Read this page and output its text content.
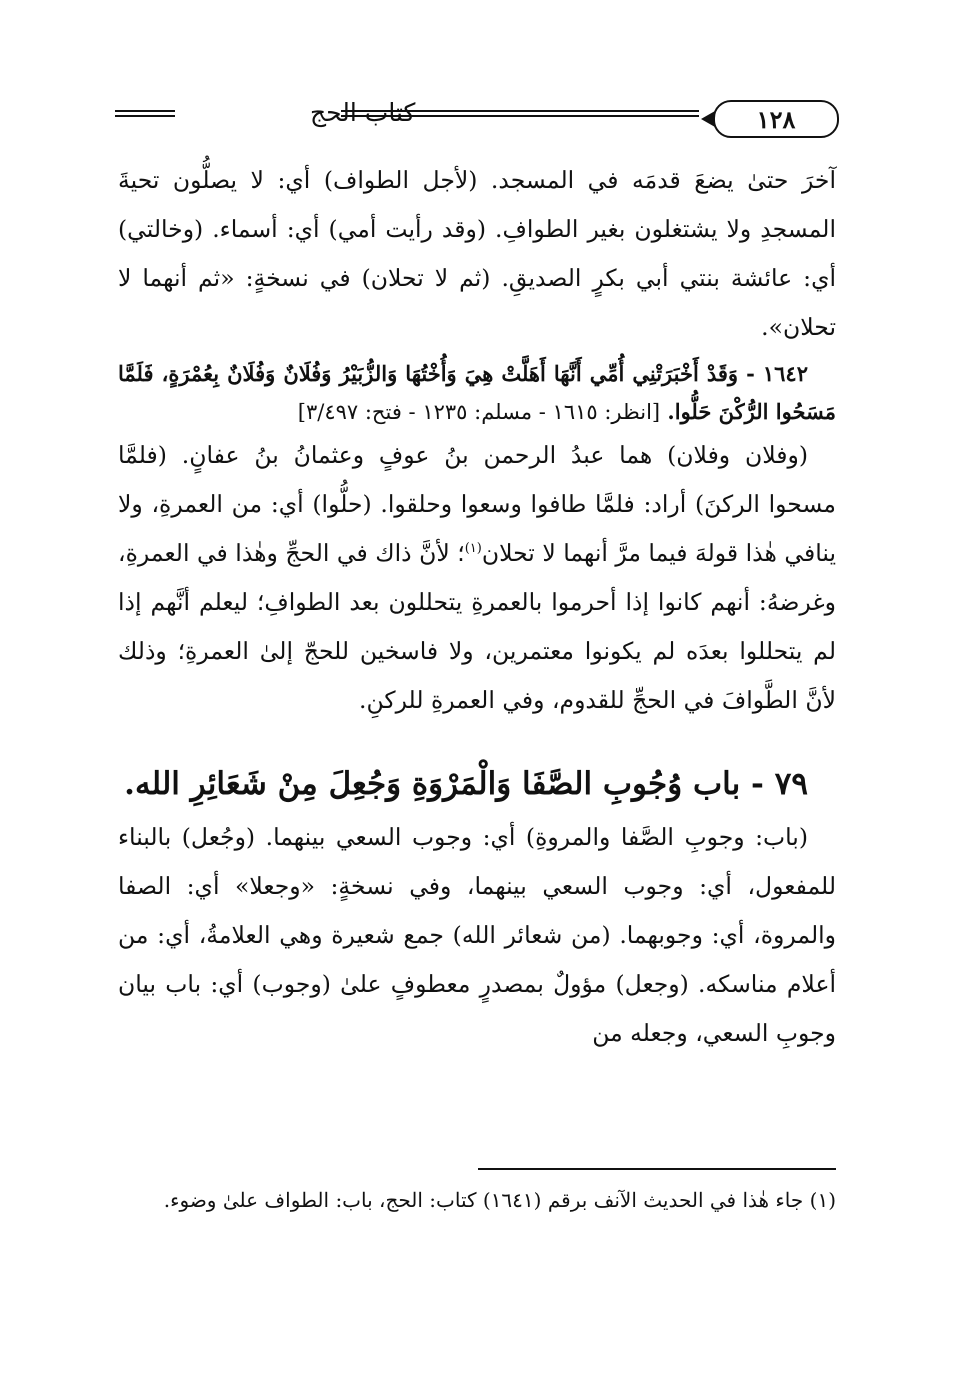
كتاب الحج	١٢٨

آخرَ حتىٰ يضعَ قدمَه في المسجد. (لأجل الطواف) أي: لا يصلُّون تحيةَ المسجدِ ولا يشتغلون بغير الطوافِ. (وقد رأيت أمي) أي: أسماء. (وخالتي) أي: عائشة بنتي أبي بكرٍ الصديقِ. (ثم لا تحلان) في نسخةٍ: «ثم أنهما لا تحلان».

١٦٤٢ - وَقَدْ أَخْبَرَتْنِي أُمِّي أَنَّهَا أَهَلَّتْ هِيَ وَأُخْتُهَا وَالزُّبَيْرُ وَفُلَانٌ وَفُلَانٌ بِعُمْرَةٍ، فَلَمَّا مَسَحُوا الرُّكْنَ حَلُّوا. [انظر: ١٦١٥ - مسلم: ١٢٣٥ - فتح: ٣/٤٩٧]

(وفلان وفلان) هما عبدُ الرحمن بنُ عوفٍ وعثمانُ بنُ عفانٍ. (فلمَّا مسحوا الركنَ) أراد: فلمَّا طافوا وسعوا وحلقوا. (حلُّوا) أي: من العمرةِ، ولا ينافي هٰذا قولهَ فيما مرَّ أنهما لا تحلان$^{(١)}$؛ لأنَّ ذاك في الحجِّ وهٰذا في العمرةِ، وغرضهُ: أنهم كانوا إذا أحرموا بالعمرةِ يتحللون بعد الطوافِ؛ ليعلم أنَّهم إذا لم يتحللوا بعدَه لم يكونوا معتمرين، ولا فاسخين للحجّ إلىٰ العمرةِ؛ وذلك لأنَّ الطَّوافَ في الحجِّ للقدوم، وفي العمرةِ للركنِ.

٧٩ - باب وُجُوبِ الصَّفَا وَالْمَرْوَةِ وَجُعِلَ مِنْ شَعَائِرِ الله.

(باب: وجوبِ الصَّفا والمروةِ) أي: وجوب السعي بينهما. (وجُعل) بالبناء للمفعول، أي: وجوب السعي بينهما، وفي نسخةٍ: «وجعلا» أي: الصفا والمروة، أي: وجوبهما. (من شعائر الله) جمع شعيرة وهي العلامةُ، أي: من أعلام مناسكه. (وجعل) مؤولٌ بمصدرٍ معطوفٍ علىٰ (وجوب) أي: باب بيان وجوبِ السعي، وجعله من

(١) جاء هٰذا في الحديث الآنف برقم (١٦٤١) كتاب: الحج، باب: الطواف علىٰ وضوء.
